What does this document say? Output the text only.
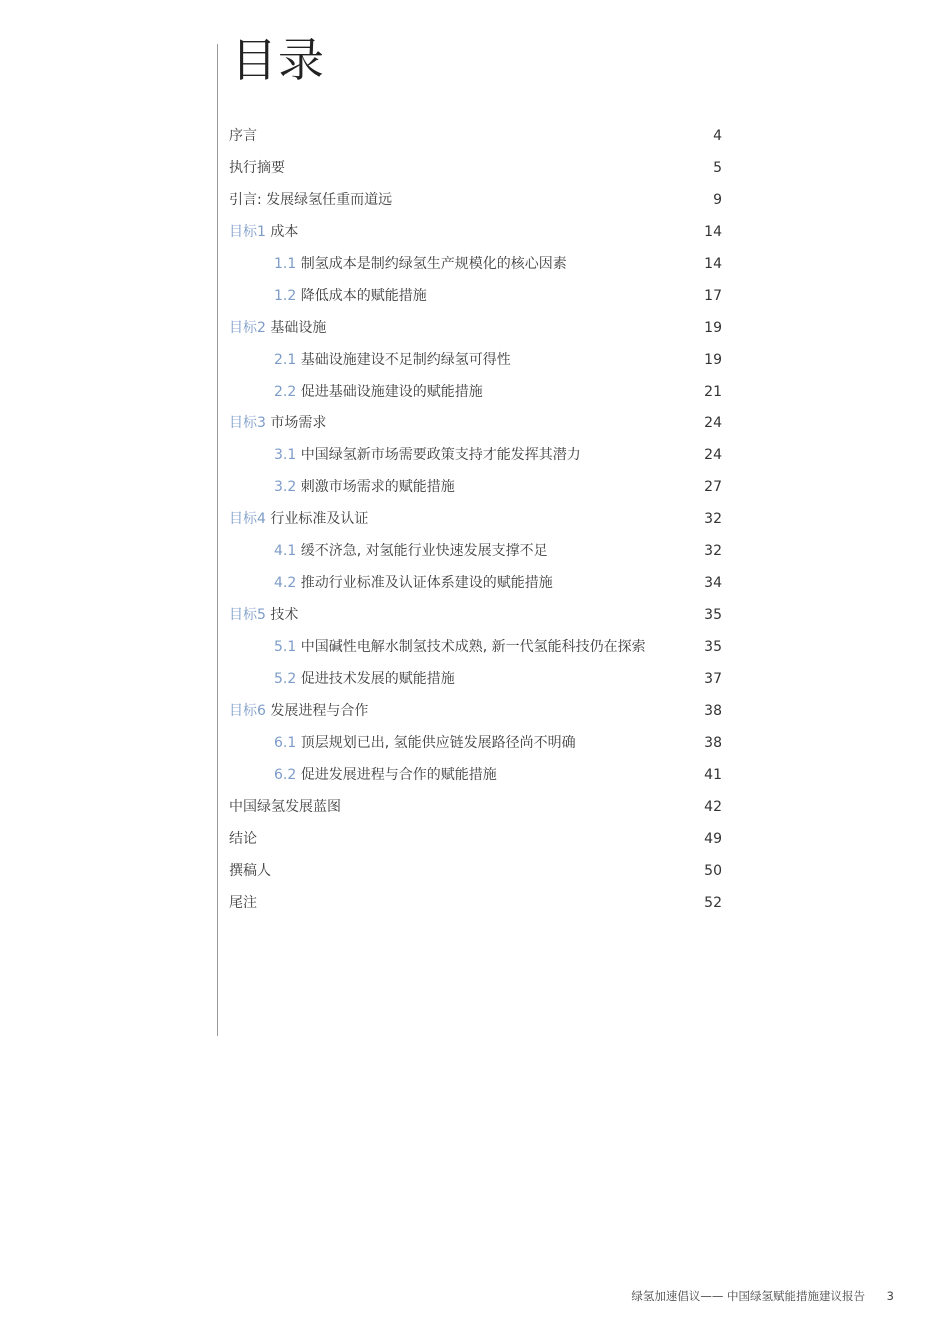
目录
序言	4
执行摘要	5
引言: 发展绿氢任重而道远	9
目标1 成本	14
1.1 制氢成本是制约绿氢生产规模化的核心因素	14
1.2 降低成本的赋能措施	17
目标2 基础设施	19
2.1 基础设施建设不足制约绿氢可得性	19
2.2 促进基础设施建设的赋能措施	21
目标3 市场需求	24
3.1 中国绿氢新市场需要政策支持才能发挥其潜力	24
3.2 刺激市场需求的赋能措施	27
目标4 行业标准及认证	32
4.1 缓不济急, 对氢能行业快速发展支撑不足	32
4.2 推动行业标准及认证体系建设的赋能措施	34
目标5 技术	35
5.1 中国碱性电解水制氢技术成熟, 新一代氢能科技仍在探索	35
5.2 促进技术发展的赋能措施	37
目标6 发展进程与合作	38
6.1 顶层规划已出, 氢能供应链发展路径尚不明确	38
6.2 促进发展进程与合作的赋能措施	41
中国绿氢发展蓝图	42
结论	49
撰稿人	50
尾注	52
绿氢加速倡议—— 中国绿氢赋能措施建议报告 3
